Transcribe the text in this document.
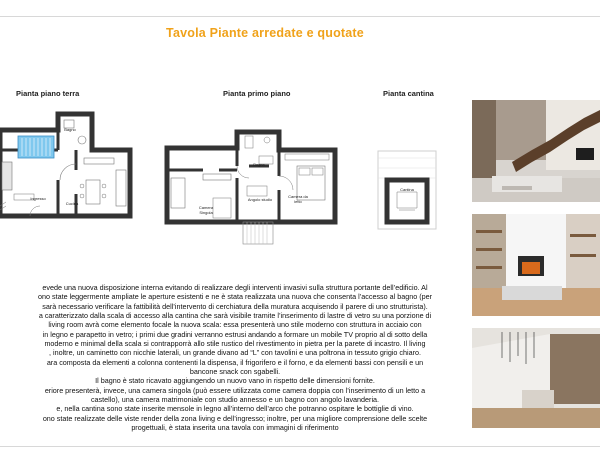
Tavola Piante arredate e quotate
Pianta piano terra
Bagno
Ingresso
Cucina
Pianta primo piano
Bagno
Camera Singola
Angolo studio
Camera da letto
Pianta cantina
Cantina
evede una nuova disposizione interna evitando di realizzare degli interventi invasivi sulla struttura portante dell’edificio. Al
ono state leggermente ampliate le aperture esistenti e ne è stata realizzata una nuova che consenta l’accesso al bagno (per
sarà necessario verificare la fattibilità dell’intervento di cerchiatura della muratura acquisendo il parere di uno strutturista).
a caratterizzato dalla scala di accesso alla cantina che sarà visibile tramite l’inserimento di lastre di vetro su una porzione di
living room avrà come elemento focale la nuova scala: essa presenterà uno stile moderno con struttura in acciaio con
in legno e parapetto in vetro; i primi due gradini verranno estrusi andando a formare un mobile TV proprio al di sotto della
moderno e minimal della scala si contrapporrà allo stile rustico del rivestimento in pietra per la parete di incastro. Il living
, inoltre, un caminetto con nicchie laterali, un grande divano ad “L” con tavolini e una poltrona in tessuto grigio chiaro.
ara composta da elementi a colonna contenenti la dispensa, il frigorifero e il forno, e da elementi bassi con pensili e un
bancone snack con sgabelli.
Il bagno è stato ricavato aggiungendo un nuovo vano in rispetto delle dimensioni fornite.
eriore presenterà, invece, una camera singola (può essere utilizzata come camera doppia con l’inserimento di un letto a
castello), una camera matrimoniale con studio annesso e un bagno con angolo lavanderia.
e, nella cantina sono state inserite mensole in legno all’interno dell’arco che potranno ospitare le bottiglie di vino.
ono state realizzate delle viste render della zona living e dell’ingresso; inoltre, per una migliore comprensione delle scelte
progettuali, è stata inserita una tavola con immagini di riferimento
